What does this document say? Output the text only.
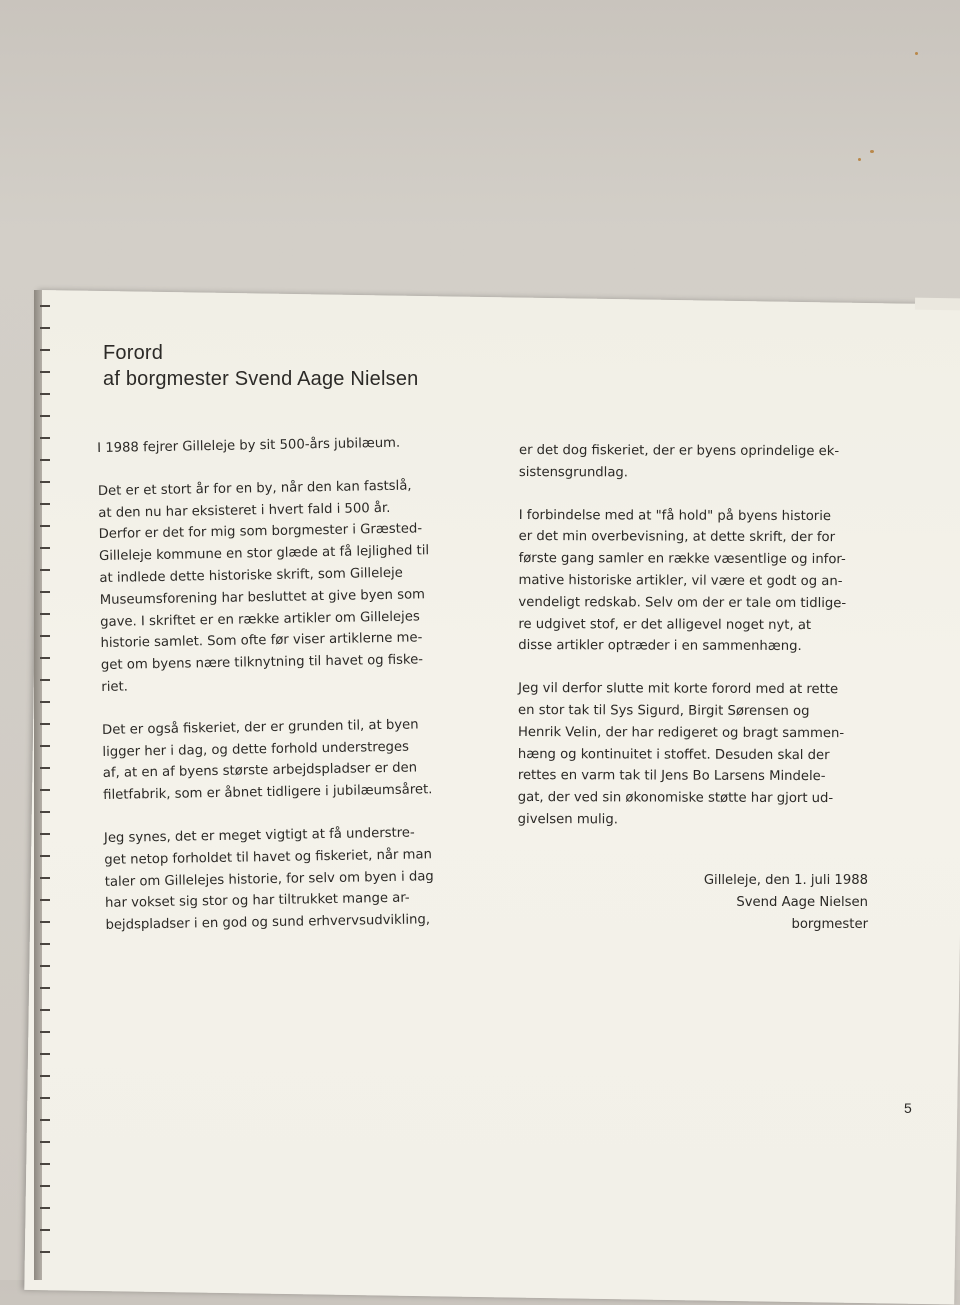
Forord
af borgmester Svend Aage Nielsen

I 1988 fejrer Gilleleje by sit 500-års jubilæum.

Det er et stort år for en by, når den kan fastslå,

at den nu har eksisteret i hvert fald i 500 år.

Derfor er det for mig som borgmester i Græsted-

Gilleleje kommune en stor glæde at få lejlighed til

at indlede dette historiske skrift, som Gilleleje

Museumsforening har besluttet at give byen som

gave. I skriftet er en række artikler om Gillelejes

historie samlet. Som ofte før viser artiklerne me-

get om byens nære tilknytning til havet og fiske-

riet.

Det er også fiskeriet, der er grunden til, at byen

ligger her i dag, og dette forhold understreges

af, at en af byens største arbejdspladser er den

filetfabrik, som er åbnet tidligere i jubilæumsåret.

Jeg synes, det er meget vigtigt at få understre-

get netop forholdet til havet og fiskeriet, når man

taler om Gillelejes historie, for selv om byen i dag

har vokset sig stor og har tiltrukket mange ar-

bejdspladser i en god og sund erhvervsudvikling,

er det dog fiskeriet, der er byens oprindelige ek-

sistensgrundlag.

I forbindelse med at "få hold" på byens historie

er det min overbevisning, at dette skrift, der for

første gang samler en række væsentlige og infor-

mative historiske artikler, vil være et godt og an-

vendeligt redskab. Selv om der er tale om tidlige-

re udgivet stof, er det alligevel noget nyt, at

disse artikler optræder i en sammenhæng.

Jeg vil derfor slutte mit korte forord med at rette

en stor tak til Sys Sigurd, Birgit Sørensen og

Henrik Velin, der har redigeret og bragt sammen-

hæng og kontinuitet i stoffet. Desuden skal der

rettes en varm tak til Jens Bo Larsens Mindele-

gat, der ved sin økonomiske støtte har gjort ud-

givelsen mulig.

Gilleleje, den 1. juli 1988
Svend Aage Nielsen
borgmester
5
